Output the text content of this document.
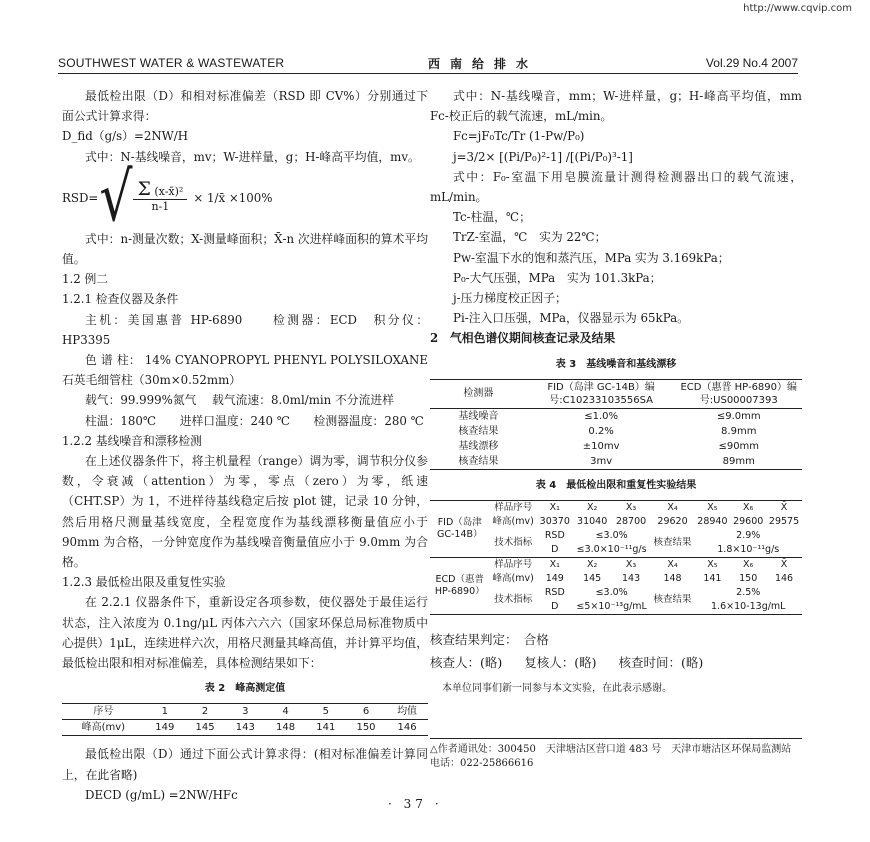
http://www.cqvip.com
SOUTHWEST WATER & WASTEWATER	西南给排水	Vol.29 No.4 2007

最低检出限（D）和相对标准偏差（RSD 即 CV%）分别通过下面公式计算求得：

D_fid（g/s）=2NW/H

式中：N-基线噪音，mv；W-进样量，g；H-峰高平均值，mv。

RSD= √ $\frac{\text{Σ (x-x̄)²}}{n-1}$ × 1/x̄ ×100%

式中：n-测量次数；X-测量峰面积；X̄-n 次进样峰面积的算术平均值。

1.2 例二

1.2.1 检查仪器及条件

主机：美国惠普 HP-6890　　检测器：ECD　积分仪：HP3395

色 谱 柱： 14% CYANOPROPYL PHENYL POLYSILOXANE 石英毛细管柱（30m×0.52mm）

载气：99.999%氮气　 载气流速：8.0ml/min 不分流进样

柱温：180℃　　进样口温度：240 ℃　　检测器温度：280 ℃

1.2.2 基线噪音和漂移检测

在上述仪器条件下，将主机量程（range）调为零，调节积分仪参数，令衰减（attention）为零，零点（zero）为零，纸速（CHT.SP）为 1，不进样待基线稳定后按 plot 键，记录 10 分钟，然后用格尺测量基线宽度，全程宽度作为基线漂移衡量值应小于 90mm 为合格，一分钟宽度作为基线噪音衡量值应小于 9.0mm 为合格。

1.2.3 最低检出限及重复性实验

在 2.2.1 仪器条件下，重新设定各项参数，使仪器处于最佳运行状态，注入浓度为 0.1ng/μL 丙体六六六（国家环保总局标准物质中心提供）1μL，连续进样六次，用格尺测量其峰高值，并计算平均值，最低检出限和相对标准偏差，具体检测结果如下：

表 2　峰高测定值
序号	1	2	3	4	5	6	均值
峰高(mv)	149	145	143	148	141	150	146

最低检出限（D）通过下面公式计算求得：(相对标准偏差计算同上，在此省略)

DECD (g/mL) =2NW/HFc

式中：N-基线噪音，mm；W-进样量，g；H-峰高平均值，mm Fc-校正后的载气流速，mL/min。

Fc=jF₀Tc/Tr (1-Pw/P₀)

j=3/2× [(Pi/P₀)²-1] /[(Pi/P₀)³-1]

式中：F₀-室温下用皂膜流量计测得检测器出口的载气流速，mL/min。

Tc-柱温，℃；

TrZ-室温，℃　实为 22℃；

Pw-室温下水的饱和蒸汽压，MPa 实为 3.169kPa；

P₀-大气压强，MPa　实为 101.3kPa；

j-压力梯度校正因子；

Pi-注入口压强，MPa，仪器显示为 65kPa。

2　气相色谱仪期间核查记录及结果

表 3　基线噪音和基线漂移
检测器	FID（岛津 GC-14B）编号:C10233103556SA	ECD（惠普 HP-6890）编号:US00007393
基线噪音	≤1.0%	≤9.0mm
核查结果	0.2%	8.9mm
基线漂移	±10mv	≤90mm
核查结果	3mv	89mm
表 4　最低检出限和重复性实验结果
FID（岛津 GC-14B）	样品序号	X₁	X₂	X₃	X₄	X₅	X₆	X̄
	峰高(mv)	30370	31040	28700	29620	28940	29600	29575
	技术指标	RSD	≤3.0%		核查结果	2.9%		
		D	≤3.0×10⁻¹¹g/s			1.8×10⁻¹¹g/s		
ECD（惠普 HP-6890）	样品序号	X₁	X₂	X₃	X₄	X₅	X₆	X̄
	峰高(mv)	149	145	143	148	141	150	146
	技术指标	RSD	≤3.0%		核查结果	2.5%		
		D	≤5×10⁻¹³g/mL			1.6×10-13g/mL		
核查结果判定：　合格
核查人：(略) 复核人：(略) 核查时间：(略)
本单位同事们新一同参与本文实验，在此表示感谢。
△作者通讯处：300450　天津塘沽区营口道 483 号　天津市塘沽区环保局监测站
电话：022-25866616
· 37 ·
